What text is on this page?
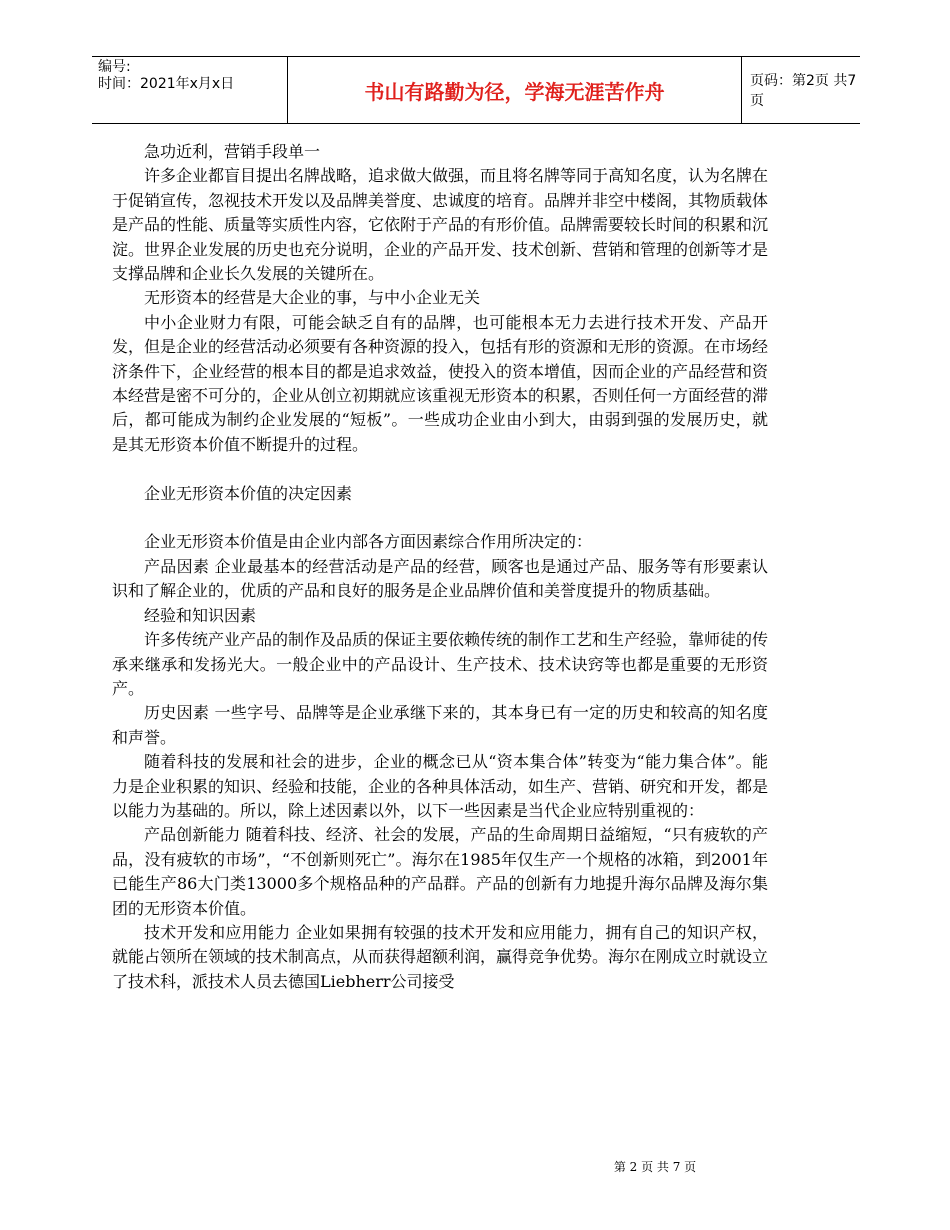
编号:
时间：2021年x月x日	书山有路勤为径，学海无涯苦作舟	页码：第2页 共7页

急功近利，营销手段单一

许多企业都盲目提出名牌战略，追求做大做强，而且将名牌等同于高知名度，认为名牌在于促销宣传，忽视技术开发以及品牌美誉度、忠诚度的培育。品牌并非空中楼阁，其物质载体是产品的性能、质量等实质性内容，它依附于产品的有形价值。品牌需要较长时间的积累和沉淀。世界企业发展的历史也充分说明，企业的产品开发、技术创新、营销和管理的创新等才是支撑品牌和企业长久发展的关键所在。

无形资本的经营是大企业的事，与中小企业无关

中小企业财力有限，可能会缺乏自有的品牌，也可能根本无力去进行技术开发、产品开发，但是企业的经营活动必须要有各种资源的投入，包括有形的资源和无形的资源。在市场经济条件下，企业经营的根本目的都是追求效益，使投入的资本增值，因而企业的产品经营和资本经营是密不可分的，企业从创立初期就应该重视无形资本的积累，否则任何一方面经营的滞后，都可能成为制约企业发展的“短板”。一些成功企业由小到大，由弱到强的发展历史，就是其无形资本价值不断提升的过程。

企业无形资本价值的决定因素

企业无形资本价值是由企业内部各方面因素综合作用所决定的：

产品因素 企业最基本的经营活动是产品的经营，顾客也是通过产品、服务等有形要素认识和了解企业的，优质的产品和良好的服务是企业品牌价值和美誉度提升的物质基础。

经验和知识因素

许多传统产业产品的制作及品质的保证主要依赖传统的制作工艺和生产经验，靠师徒的传承来继承和发扬光大。一般企业中的产品设计、生产技术、技术诀窍等也都是重要的无形资产。

历史因素 一些字号、品牌等是企业承继下来的，其本身已有一定的历史和较高的知名度和声誉。

随着科技的发展和社会的进步，企业的概念已从“资本集合体”转变为“能力集合体”。能力是企业积累的知识、经验和技能，企业的各种具体活动，如生产、营销、研究和开发，都是以能力为基础的。所以，除上述因素以外，以下一些因素是当代企业应特别重视的：

产品创新能力 随着科技、经济、社会的发展，产品的生命周期日益缩短，“只有疲软的产品，没有疲软的市场”，“不创新则死亡”。海尔在1985年仅生产一个规格的冰箱，到2001年已能生产86大门类13000多个规格品种的产品群。产品的创新有力地提升海尔品牌及海尔集团的无形资本价值。

技术开发和应用能力 企业如果拥有较强的技术开发和应用能力，拥有自己的知识产权，就能占领所在领域的技术制高点，从而获得超额利润，赢得竞争优势。海尔在刚成立时就设立了技术科，派技术人员去德国Liebherr公司接受

第 2 页 共 7 页
